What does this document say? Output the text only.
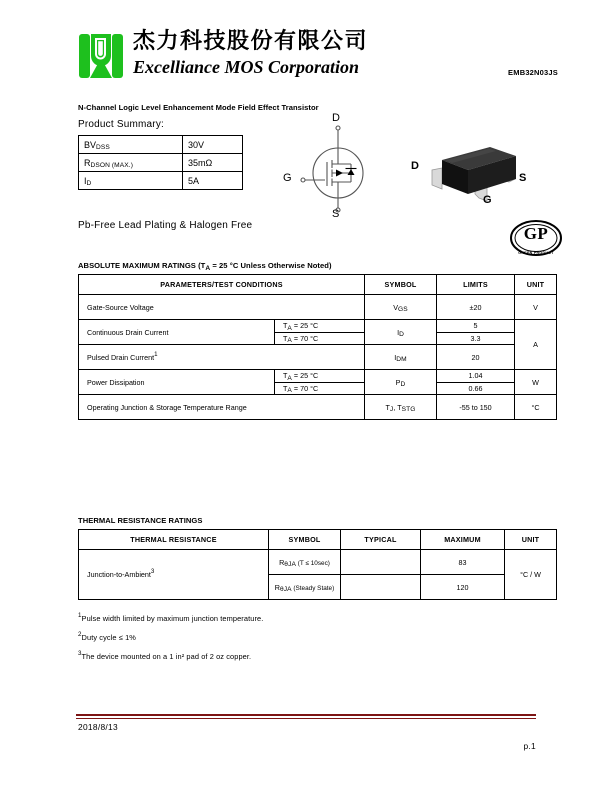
杰力科技股份有限公司
Excelliance MOS Corporation	EMB32N03JS
N-Channel Logic Level Enhancement Mode Field Effect Transistor
Product Summary:
BVDSS	30V
RDSON (MAX.)	35mΩ
ID	5A
D
G
S
D
S
G
Pb-Free Lead Plating & Halogen Free	GP
GREEN PRODUCT
ABSOLUTE MAXIMUM RATINGS (TA = 25 °C Unless Otherwise Noted)
PARAMETERS/TEST CONDITIONS		SYMBOL	LIMITS	UNIT
Gate-Source Voltage		VGS	±20	V
Continuous Drain Current	TA = 25 °C	ID	5	A
	TA = 70 °C		3.3	
Pulsed Drain Current1		IDM	20	
Power Dissipation	TA = 25 °C	PD	1.04	W
	TA = 70 °C		0.66	
Operating Junction & Storage Temperature Range		TJ, TSTG	-55 to 150	°C
THERMAL RESISTANCE RATINGS
THERMAL RESISTANCE	SYMBOL	TYPICAL	MAXIMUM	UNIT
Junction-to-Ambient3	RθJA (T ≤ 10sec)		83	°C / W
	RθJA (Steady State)		120	
$^1$Pulse width limited by maximum junction temperature.
$^2$Duty cycle ≤ 1%
$^3$The device mounted on a 1 in² pad of 2 oz copper.
2018/8/13
p.1
